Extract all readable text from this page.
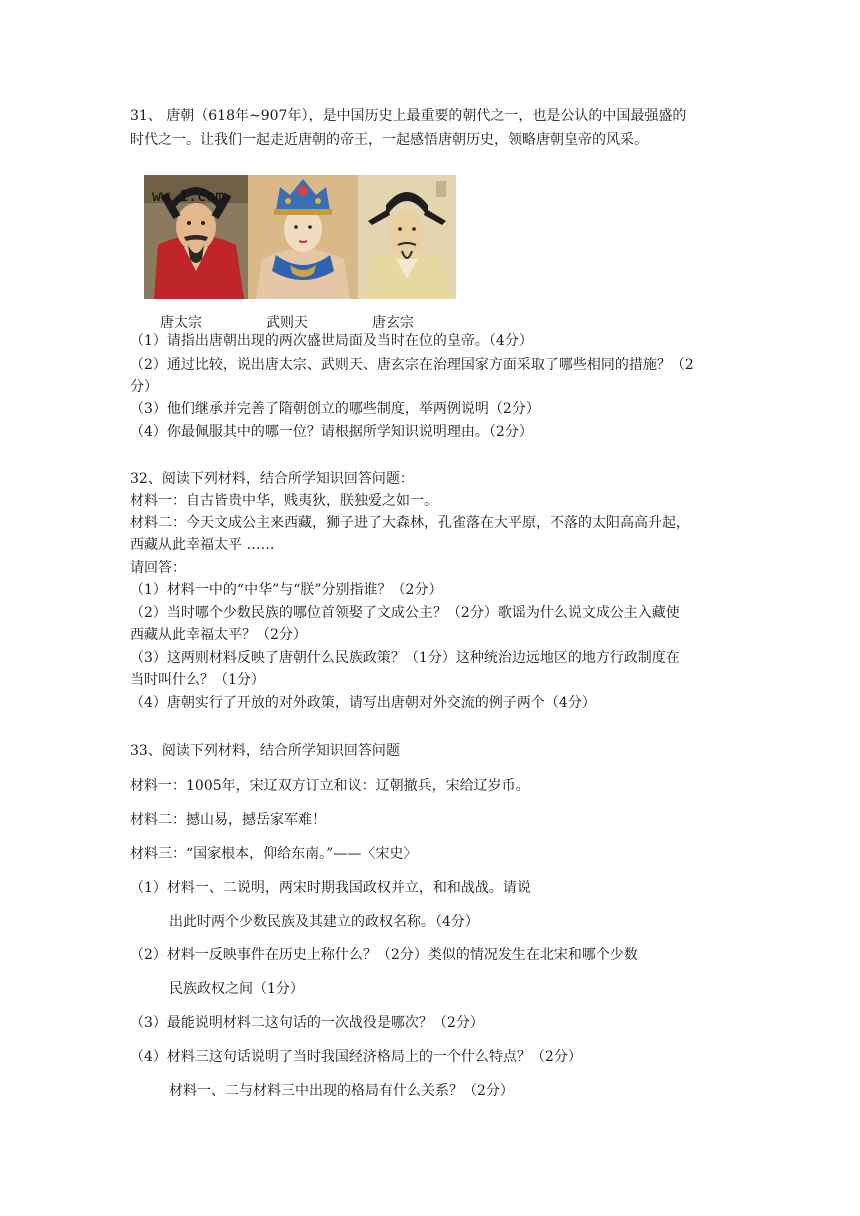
31、 唐朝（618年~907年），是中国历史上最重要的朝代之一，也是公认的中国最强盛的
时代之一。让我们一起走近唐朝的帝王，一起感悟唐朝历史，领略唐朝皇帝的风采。
ww 1.com
唐太宗	武则天	唐玄宗
（1）请指出唐朝出现的两次盛世局面及当时在位的皇帝。（4分）
（2）通过比较，说出唐太宗、武则天、唐玄宗在治理国家方面采取了哪些相同的措施？（2
分）
（3）他们继承并完善了隋朝创立的哪些制度，举两例说明（2分）
（4）你最佩服其中的哪一位？请根据所学知识说明理由。（2分）
32、阅读下列材料，结合所学知识回答问题：
材料一：自古皆贵中华，贱夷狄，朕独爱之如一。
材料二：今天文成公主来西藏，狮子进了大森林，孔雀落在大平原，不落的太阳高高升起，
西藏从此幸福太平 ……
请回答：
（1）材料一中的“中华”与“朕”分别指谁？（2分）
（2）当时哪个少数民族的哪位首领娶了文成公主？（2分）歌谣为什么说文成公主入藏使
西藏从此幸福太平？（2分）
（3）这两则材料反映了唐朝什么民族政策？（1分）这种统治边远地区的地方行政制度在
当时叫什么？（1分）
（4）唐朝实行了开放的对外政策，请写出唐朝对外交流的例子两个（4分）
33、阅读下列材料，结合所学知识回答问题
材料一：1005年，宋辽双方订立和议：辽朝撤兵，宋给辽岁币。
材料二：撼山易，撼岳家军难！
材料三：“国家根本，仰给东南。”——〈宋史〉
（1）材料一、二说明，两宋时期我国政权并立，和和战战。请说
出此时两个少数民族及其建立的政权名称。（4分）
（2）材料一反映事件在历史上称什么？（2分）类似的情况发生在北宋和哪个少数
民族政权之间（1分）
（3）最能说明材料二这句话的一次战役是哪次？（2分）
（4）材料三这句话说明了当时我国经济格局上的一个什么特点？（2分）
材料一、二与材料三中出现的格局有什么关系？（2分）
